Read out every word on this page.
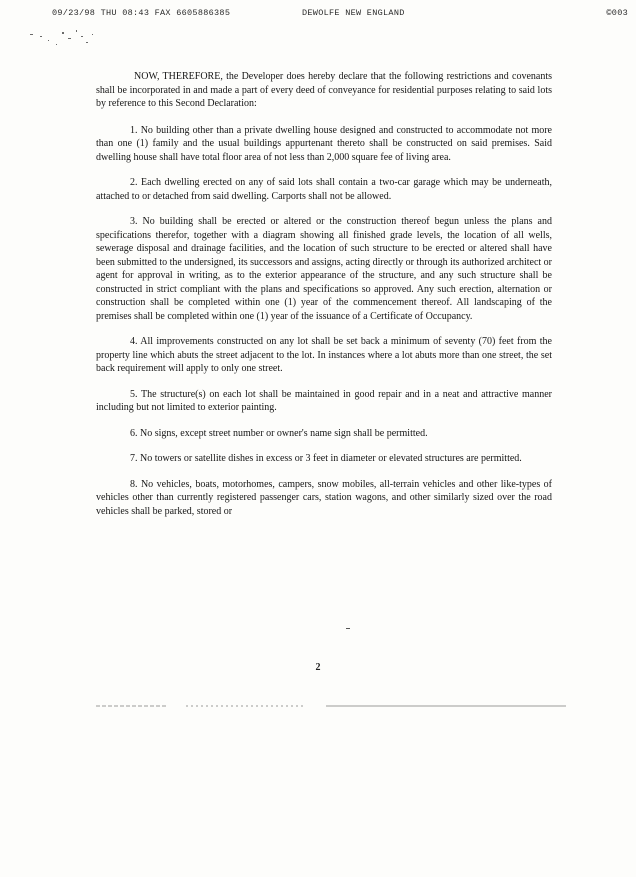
09/23/98 THU 08:43 FAX 6605886385	DEWOLFE NEW ENGLAND	©003

NOW, THEREFORE, the Developer does hereby declare that the following restrictions and covenants shall be incorporated in and made a part of every deed of conveyance for residential purposes relating to said lots by reference to this Second Declaration:

1. No building other than a private dwelling house designed and constructed to accommodate not more than one (1) family and the usual buildings appurtenant thereto shall be constructed on said premises. Said dwelling house shall have total floor area of not less than 2,000 square fee of living area.

2. Each dwelling erected on any of said lots shall contain a two-car garage which may be underneath, attached to or detached from said dwelling. Carports shall not be allowed.

3. No building shall be erected or altered or the construction thereof begun unless the plans and specifications therefor, together with a diagram showing all finished grade levels, the location of all wells, sewerage disposal and drainage facilities, and the location of such structure to be erected or altered shall have been submitted to the undersigned, its successors and assigns, acting directly or through its authorized architect or agent for approval in writing, as to the exterior appearance of the structure, and any such structure shall be constructed in strict compliant with the plans and specifications so approved. Any such erection, alternation or construction shall be completed within one (1) year of the commencement thereof. All landscaping of the premises shall be completed within one (1) year of the issuance of a Certificate of Occupancy.

4. All improvements constructed on any lot shall be set back a minimum of seventy (70) feet from the property line which abuts the street adjacent to the lot. In instances where a lot abuts more than one street, the set back requirement will apply to only one street.

5. The structure(s) on each lot shall be maintained in good repair and in a neat and attractive manner including but not limited to exterior painting.

6. No signs, except street number or owner's name sign shall be permitted.

7. No towers or satellite dishes in excess or 3 feet in diameter or elevated structures are permitted.

8. No vehicles, boats, motorhomes, campers, snow mobiles, all-terrain vehicles and other like-types of vehicles other than currently registered passenger cars, station wagons, and other similarly sized over the road vehicles shall be parked, stored or

2
